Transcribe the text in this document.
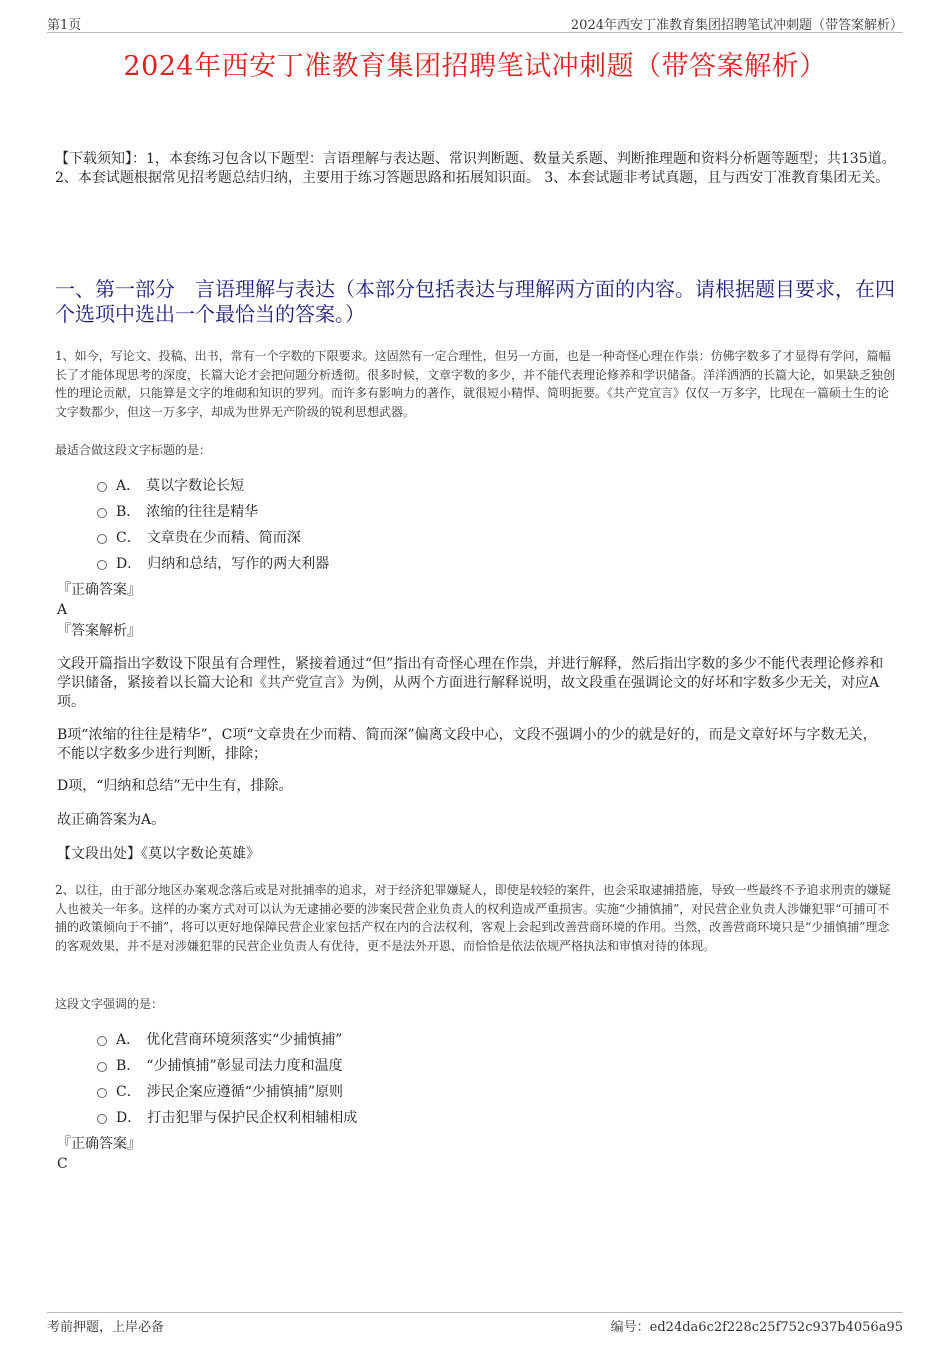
第1页	2024年西安丁准教育集团招聘笔试冲刺题（带答案解析）
2024年西安丁准教育集团招聘笔试冲刺题（带答案解析）
【下载须知】：1，本套练习包含以下题型：言语理解与表达题、常识判断题、数量关系题、判断推理题和资料分析题等题型；共135道。 2、本套试题根据常见招考题总结归纳，主要用于练习答题思路和拓展知识面。 3、本套试题非考试真题，且与西安丁准教育集团无关。
一、第一部分　言语理解与表达（本部分包括表达与理解两方面的内容。请根据题目要求，在四个选项中选出一个最恰当的答案。）
1、如今，写论文、投稿、出书，常有一个字数的下限要求。这固然有一定合理性，但另一方面，也是一种奇怪心理在作祟：仿佛字数多了才显得有学问，篇幅长了才能体现思考的深度，长篇大论才会把问题分析透彻。很多时候，文章字数的多少，并不能代表理论修养和学识储备。洋洋洒洒的长篇大论，如果缺乏独创性的理论贡献，只能算是文字的堆砌和知识的罗列。而许多有影响力的著作，就很短小精悍、简明扼要。《共产党宣言》仅仅一万多字，比现在一篇硕士生的论文字数都少，但这一万多字，却成为世界无产阶级的锐利思想武器。
最适合做这段文字标题的是：
A． 莫以字数论长短
B． 浓缩的往往是精华
C． 文章贵在少而精、简而深
D． 归纳和总结，写作的两大利器
『正确答案』
A
『答案解析』
文段开篇指出字数设下限虽有合理性，紧接着通过“但”指出有奇怪心理在作祟，并进行解释，然后指出字数的多少不能代表理论修养和学识储备，紧接着以长篇大论和《共产党宣言》为例，从两个方面进行解释说明，故文段重在强调论文的好坏和字数多少无关，对应A项。
B项“浓缩的往往是精华”，C项“文章贵在少而精、简而深”偏离文段中心，文段不强调小的少的就是好的，而是文章好坏与字数无关，不能以字数多少进行判断，排除；
D项，“归纳和总结”无中生有，排除。
故正确答案为A。
【文段出处】《莫以字数论英雄》
2、以往，由于部分地区办案观念落后或是对批捕率的追求，对于经济犯罪嫌疑人，即使是较轻的案件，也会采取逮捕措施，导致一些最终不予追求刑责的嫌疑人也被关一年多。这样的办案方式对可以认为无逮捕必要的涉案民营企业负责人的权利造成严重损害。实施“少捕慎捕”，对民营企业负责人涉嫌犯罪“可捕可不捕的政策倾向于不捕”，将可以更好地保障民营企业家包括产权在内的合法权利，客观上会起到改善营商环境的作用。当然，改善营商环境只是“少捕慎捕”理念的客观效果，并不是对涉嫌犯罪的民营企业负责人有优待，更不是法外开恩，而恰恰是依法依规严格执法和审慎对待的体现。
这段文字强调的是：
A． 优化营商环境须落实“少捕慎捕”
B． “少捕慎捕”彰显司法力度和温度
C． 涉民企案应遵循“少捕慎捕”原则
D． 打击犯罪与保护民企权利相辅相成
『正确答案』
C
考前押题，上岸必备	编号：ed24da6c2f228c25f752c937b4056a95
